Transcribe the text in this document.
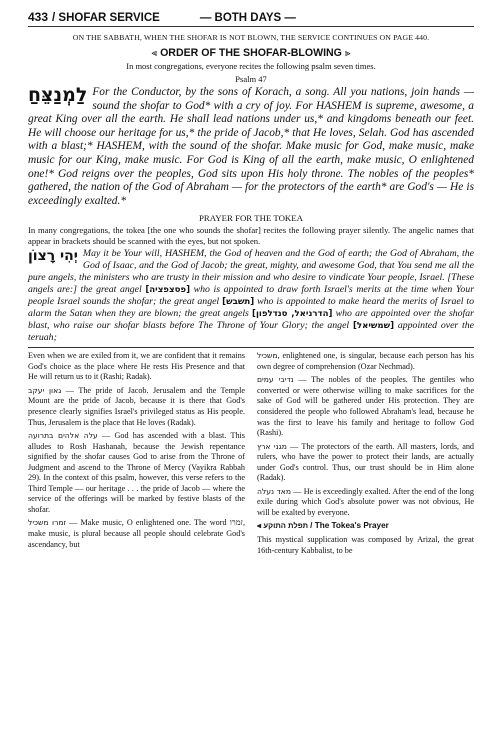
433 / SHOFAR SERVICE	— BOTH DAYS —
ON THE SABBATH, WHEN THE SHOFAR IS NOT BLOWN, THE SERVICE CONTINUES ON PAGE 440.
⫷ ORDER OF THE SHOFAR-BLOWING ⫸
In most congregations, everyone recites the following psalm seven times.
Psalm 47
לַמְנַצֵּחַ For the Conductor, by the sons of Korach, a song. All you nations, join hands — sound the shofar to God* with a cry of joy. For HASHEM is supreme, awesome, a great King over all the earth. He shall lead nations under us,* and kingdoms beneath our feet. He will choose our heritage for us,* the pride of Jacob,* that He loves, Selah. God has ascended with a blast;* HASHEM, with the sound of the shofar. Make music for God, make music, make music for our King, make music. For God is King of all the earth, make music, O enlightened one!* God reigns over the peoples, God sits upon His holy throne. The nobles of the peoples* gathered, the nation of the God of Abraham — for the protectors of the earth* are God's — He is exceedingly exalted.*
PRAYER FOR THE TOKEA
In many congregations, the tokea [the one who sounds the shofar] recites the following prayer silently. The angelic names that appear in brackets should be scanned with the eyes, but not spoken.
יְהִי רָצוֹן May it be Your will, HASHEM, the God of heaven and the God of earth; the God of Abraham, the God of Isaac, and the God of Jacob; the great, mighty, and awesome God, that You send me all the pure angels, the ministers who are trusty in their mission and who desire to vindicate Your people, Israel. [These angels are:] the great angel [פסצפציה] who is appointed to draw forth Israel's merits at the time when Your people Israel sounds the shofar; the great angel [תשבש] who is appointed to make heard the merits of Israel to alarm the Satan when they are blown; the great angels [הדרניאל, סנדלפון] who are appointed over the shofar blast, who raise our shofar blasts before The Throne of Your Glory; the angel [שמשיאל] appointed over the teruah;

Even when we are exiled from it, we are confident that it remains God's choice as the place where He rests His Presence and that He will return us to it (Rashi; Radak).

גאון יעקב — The pride of Jacob. Jerusalem and the Temple Mount are the pride of Jacob, because it is there that God's presence clearly signifies Israel's privileged status as His people. Thus, Jerusalem is the place that He loves (Radak).

עלה אלהים בתרועה — God has ascended with a blast. This alludes to Rosh Hashanah, because the Jewish repentance signified by the shofar causes God to arise from the Throne of Judgment and ascend to the Throne of Mercy (Vayikra Rabbah 29). In the context of this psalm, however, this verse refers to the Third Temple — our heritage . . . the pride of Jacob — where the service of the offerings will be marked by festive blasts of the shofar.

זמרו משכיל — Make music, O enlightened one. The word זמרו, make music, is plural because all people should celebrate God's ascendancy, but

משכיל, enlightened one, is singular, because each person has his own degree of comprehension (Ozar Nechmad).

נדיבי עמים — The nobles of the peoples. The gentiles who converted or were otherwise willing to make sacrifices for the sake of God will be gathered under His protection. They are considered the people who followed Abraham's lead, because he was the first to leave his family and heritage to follow God (Rashi).

מגני ארץ — The protectors of the earth. All masters, lords, and rulers, who have the power to protect their lands, are actually under God's control. Thus, our trust should be in Him alone (Radak).

מאד נעלה — He is exceedingly exalted. After the end of the long exile during which God's absolute power was not obvious, He will be exalted by everyone.

⫷ תפלת התוקע / The Tokea's Prayer

This mystical supplication was composed by Arizal, the great 16th-century Kabbalist, to be
